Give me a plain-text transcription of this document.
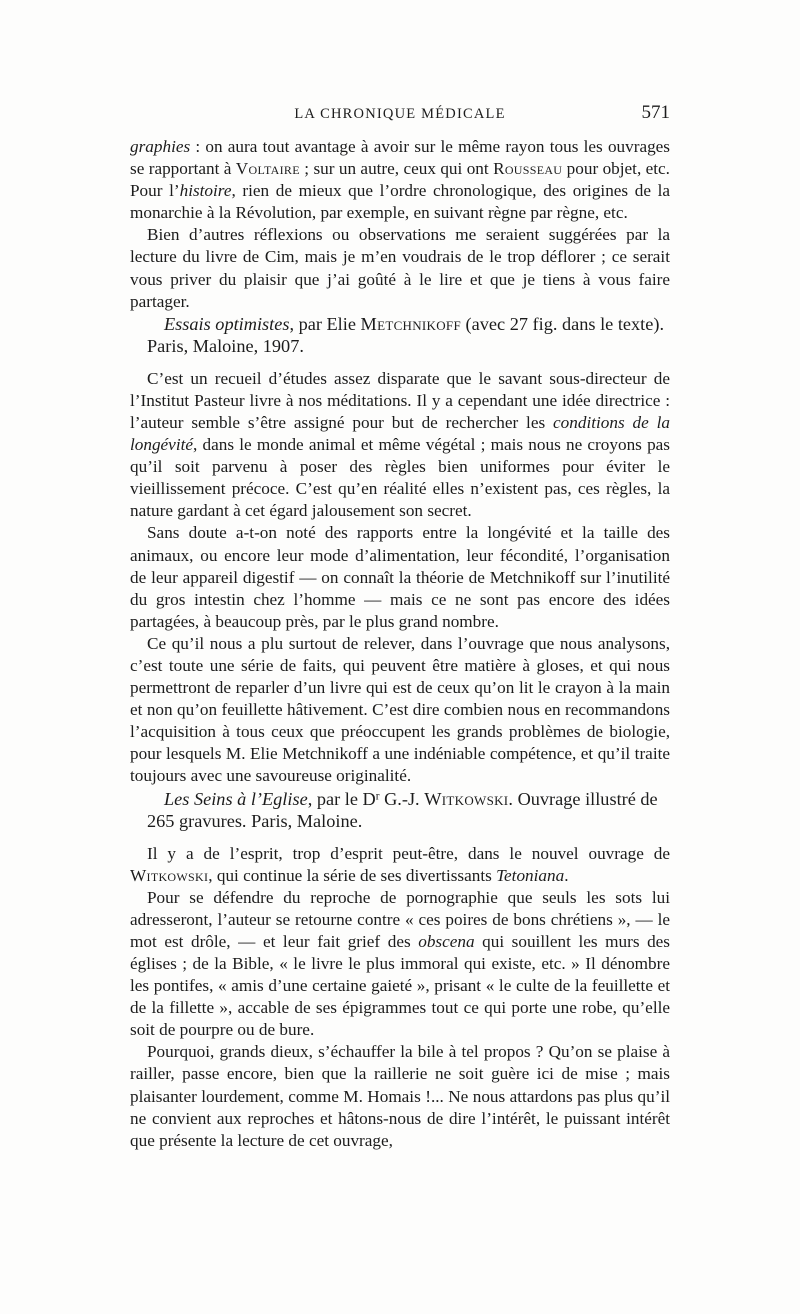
LA CHRONIQUE MÉDICALE	571

graphies : on aura tout avantage à avoir sur le même rayon tous les ouvrages se rapportant à Voltaire ; sur un autre, ceux qui ont Rousseau pour objet, etc. Pour l’histoire, rien de mieux que l’ordre chronologique, des origines de la monarchie à la Révolution, par exemple, en suivant règne par règne, etc.

Bien d’autres réflexions ou observations me seraient suggérées par la lecture du livre de Cim, mais je m’en voudrais de le trop déflorer ; ce serait vous priver du plaisir que j’ai goûté à le lire et que je tiens à vous faire partager.

Essais optimistes, par Elie Metchnikoff (avec 27 fig. dans le texte). Paris, Maloine, 1907.

C’est un recueil d’études assez disparate que le savant sous-directeur de l’Institut Pasteur livre à nos méditations. Il y a cependant une idée directrice : l’auteur semble s’être assigné pour but de rechercher les conditions de la longévité, dans le monde animal et même végétal ; mais nous ne croyons pas qu’il soit parvenu à poser des règles bien uniformes pour éviter le vieillissement précoce. C’est qu’en réalité elles n’existent pas, ces règles, la nature gardant à cet égard jalousement son secret.

Sans doute a-t-on noté des rapports entre la longévité et la taille des animaux, ou encore leur mode d’alimentation, leur fécondité, l’organisation de leur appareil digestif — on connaît la théorie de Metchnikoff sur l’inutilité du gros intestin chez l’homme — mais ce ne sont pas encore des idées partagées, à beaucoup près, par le plus grand nombre.

Ce qu’il nous a plu surtout de relever, dans l’ouvrage que nous analysons, c’est toute une série de faits, qui peuvent être matière à gloses, et qui nous permettront de reparler d’un livre qui est de ceux qu’on lit le crayon à la main et non qu’on feuillette hâtivement. C’est dire combien nous en recommandons l’acquisition à tous ceux que préoccupent les grands problèmes de biologie, pour lesquels M. Elie Metchnikoff a une indéniable compétence, et qu’il traite toujours avec une savoureuse originalité.

Les Seins à l’Eglise, par le $D^r$ G.-J. Witkowski. Ouvrage illustré de 265 gravures. Paris, Maloine.

Il y a de l’esprit, trop d’esprit peut-être, dans le nouvel ouvrage de Witkowski, qui continue la série de ses divertissants Tetoniana.

Pour se défendre du reproche de pornographie que seuls les sots lui adresseront, l’auteur se retourne contre « ces poires de bons chrétiens », — le mot est drôle, — et leur fait grief des obscena qui souillent les murs des églises ; de la Bible, « le livre le plus immoral qui existe, etc. » Il dénombre les pontifes, « amis d’une certaine gaieté », prisant « le culte de la feuillette et de la fillette », accable de ses épigrammes tout ce qui porte une robe, qu’elle soit de pourpre ou de bure.

Pourquoi, grands dieux, s’échauffer la bile à tel propos ? Qu’on se plaise à railler, passe encore, bien que la raillerie ne soit guère ici de mise ; mais plaisanter lourdement, comme M. Homais !... Ne nous attardons pas plus qu’il ne convient aux reproches et hâtons-nous de dire l’intérêt, le puissant intérêt que présente la lecture de cet ouvrage,
